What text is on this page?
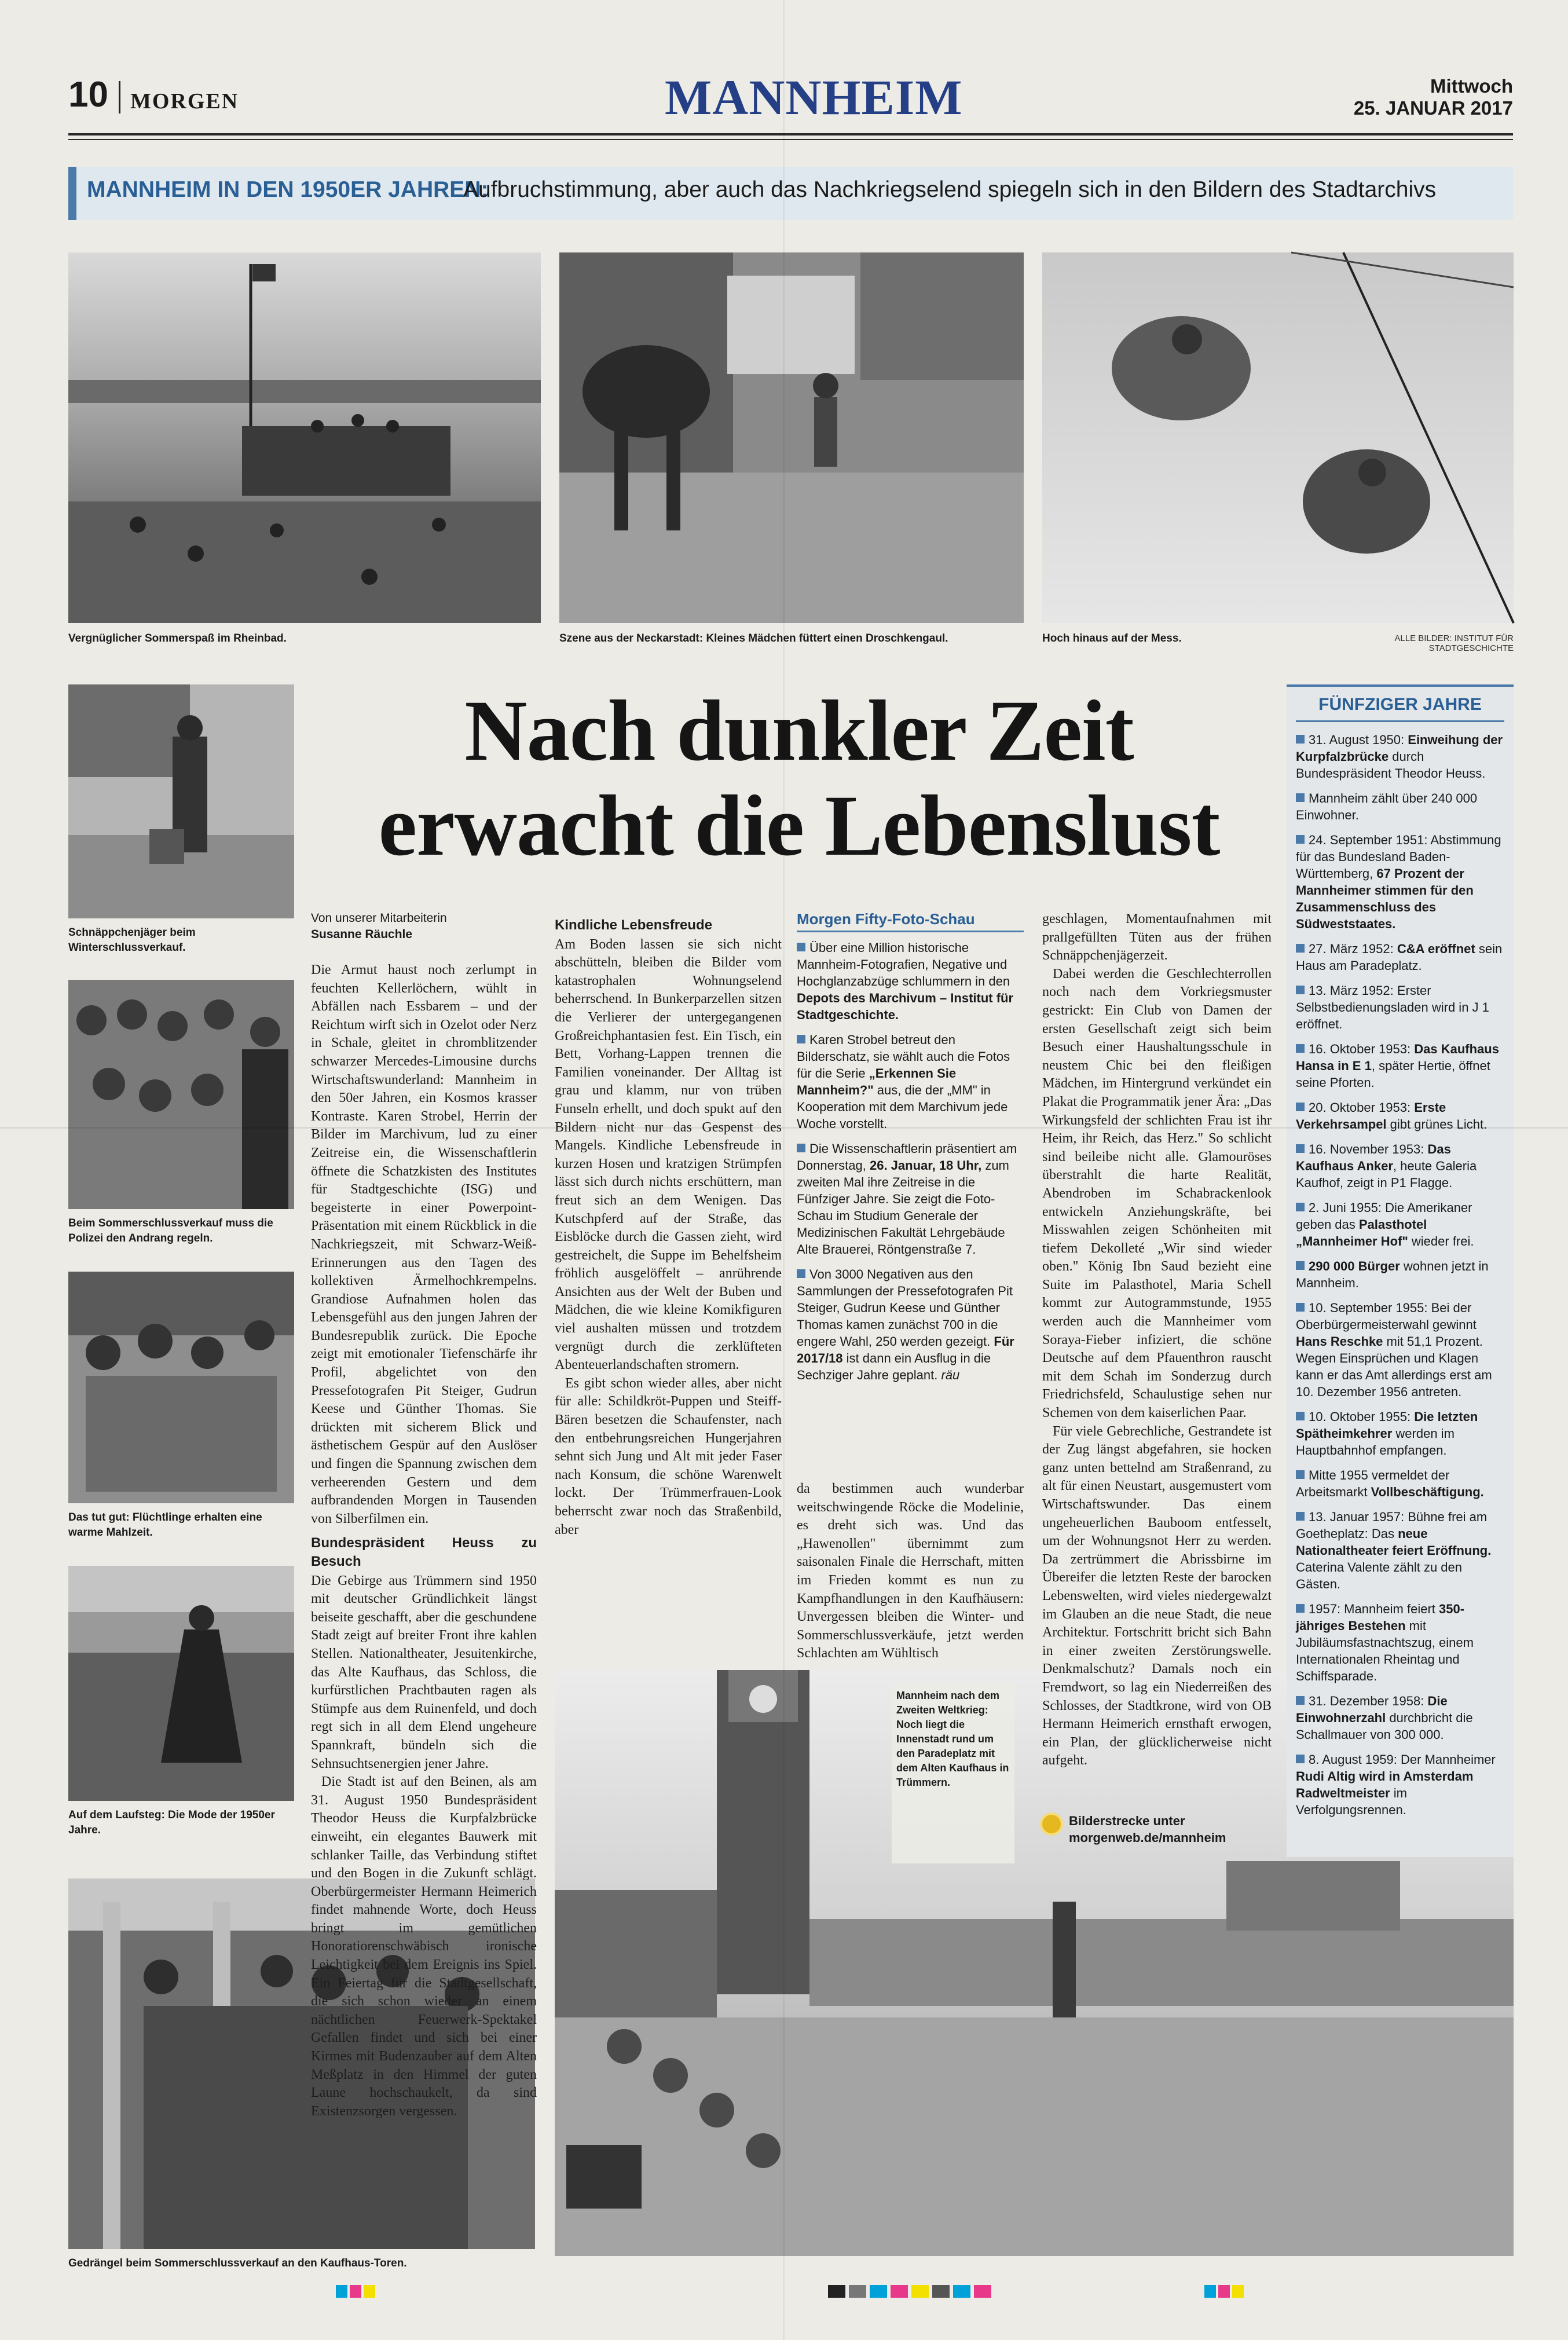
10 MORGEN	MANNHEIM	Mittwoch
25. JANUAR 2017
MANNHEIM IN DEN 1950ER JAHREN:
Aufbruchstimmung, aber auch das Nachkriegselend spiegeln sich in den Bildern des Stadtarchivs
Vergnüglicher Sommerspaß im Rheinbad.	Szene aus der Neckarstadt: Kleines Mädchen füttert einen Droschkengaul.	Hoch hinaus auf der Mess.	ALLE BILDER: INSTITUT FÜR STADTGESCHICHTE
Schnäppchenjäger beim Winterschlussverkauf.
Beim Sommerschlussverkauf muss die Polizei den Andrang regeln.
Das tut gut: Flüchtlinge erhalten eine warme Mahlzeit.
Auf dem Laufsteg: Die Mode der 1950er Jahre.
Gedrängel beim Sommerschlussverkauf an den Kaufhaus-Toren.
Mannheim nach dem Zweiten Weltkrieg: Noch liegt die Innenstadt rund um den Paradeplatz mit dem Alten Kaufhaus in Trümmern.
Nach dunkler Zeit
erwacht die Lebenslust
Von unserer Mitarbeiterin
Susanne Räuchle

Die Armut haust noch zerlumpt in feuchten Kellerlöchern, wühlt in Abfällen nach Essbarem – und der Reichtum wirft sich in Ozelot oder Nerz in Schale, gleitet in chromblitzender schwarzer Mercedes-Limousine durchs Wirtschaftswunderland: Mannheim in den 50er Jahren, ein Kosmos krasser Kontraste. Karen Strobel, Herrin der Bilder im Marchivum, lud zu einer Zeitreise ein, die Wissenschaftlerin öffnete die Schatzkisten des Institutes für Stadtgeschichte (ISG) und begeisterte in einer Powerpoint-Präsentation mit einem Rückblick in die Nachkriegszeit, mit Schwarz-Weiß-Erinnerungen aus den Tagen des kollektiven Ärmelhochkrempelns. Grandiose Aufnahmen holen das Lebensgefühl aus den jungen Jahren der Bundesrepublik zurück. Die Epoche zeigt mit emotionaler Tiefenschärfe ihr Profil, abgelichtet von den Pressefotografen Pit Steiger, Gudrun Keese und Günther Thomas. Sie drückten mit sicherem Blick und ästhetischem Gespür auf den Auslöser und fingen die Spannung zwischen dem verheerenden Gestern und dem aufbrandenden Morgen in Tausenden von Silberfilmen ein.

Bundespräsident Heuss zu Besuch

Die Gebirge aus Trümmern sind 1950 mit deutscher Gründlichkeit längst beiseite geschafft, aber die geschundene Stadt zeigt auf breiter Front ihre kahlen Stellen. Nationaltheater, Jesuitenkirche, das Alte Kaufhaus, das Schloss, die kurfürstlichen Prachtbauten ragen als Stümpfe aus dem Ruinenfeld, und doch regt sich in all dem Elend ungeheure Spannkraft, bündeln sich die Sehnsuchtsenergien jener Jahre.

Die Stadt ist auf den Beinen, als am 31. August 1950 Bundespräsident Theodor Heuss die Kurpfalzbrücke einweiht, ein elegantes Bauwerk mit schlanker Taille, das Verbindung stiftet und den Bogen in die Zukunft schlägt. Oberbürgermeister Hermann Heimerich findet mahnende Worte, doch Heuss bringt im gemütlichen Honoratiorenschwäbisch ironische Leichtigkeit bei dem Ereignis ins Spiel. Ein Feiertag für die Stadtgesellschaft, die sich schon wieder an einem nächtlichen Feuerwerk-Spektakel Gefallen findet und sich bei einer Kirmes mit Budenzauber auf dem Alten Meßplatz in den Himmel der guten Laune hochschaukelt, da sind Existenzsorgen vergessen.

Kindliche Lebensfreude

Am Boden lassen sie sich nicht abschütteln, bleiben die Bilder vom katastrophalen Wohnungselend beherrschend. In Bunkerparzellen sitzen die Verlierer der untergegangenen Großreichphantasien fest. Ein Tisch, ein Bett, Vorhang-Lappen trennen die Familien voneinander. Der Alltag ist grau und klamm, nur von trüben Funseln erhellt, und doch spukt auf den Bildern nicht nur das Gespenst des Mangels. Kindliche Lebensfreude in kurzen Hosen und kratzigen Strümpfen lässt sich durch nichts erschüttern, man freut sich an dem Wenigen. Das Kutschpferd auf der Straße, das Eisblöcke durch die Gassen zieht, wird gestreichelt, die Suppe im Behelfsheim fröhlich ausgelöffelt – anrührende Ansichten aus der Welt der Buben und Mädchen, die wie kleine Komikfiguren viel aushalten müssen und trotzdem vergnügt durch die zerklüfteten Abenteuerlandschaften stromern.

Es gibt schon wieder alles, aber nicht für alle: Schildkröt-Puppen und Steiff-Bären besetzen die Schaufenster, nach den entbehrungsreichen Hungerjahren sehnt sich Jung und Alt mit jeder Faser nach Konsum, die schöne Warenwelt lockt. Der Trümmerfrauen-Look beherrscht zwar noch das Straßenbild, aber

Morgen Fifty-Foto-Schau

Über eine Million historische Mannheim-Fotografien, Negative und Hochglanzabzüge schlummern in den Depots des Marchivum – Institut für Stadtgeschichte.

Karen Strobel betreut den Bilderschatz, sie wählt auch die Fotos für die Serie „Erkennen Sie Mannheim?" aus, die der „MM" in Kooperation mit dem Marchivum jede Woche vorstellt.

Die Wissenschaftlerin präsentiert am Donnerstag, 26. Januar, 18 Uhr, zum zweiten Mal ihre Zeitreise in die Fünfziger Jahre. Sie zeigt die Foto-Schau im Studium Generale der Medizinischen Fakultät Lehrgebäude Alte Brauerei, Röntgenstraße 7.

Von 3000 Negativen aus den Sammlungen der Pressefotografen Pit Steiger, Gudrun Keese und Günther Thomas kamen zunächst 700 in die engere Wahl, 250 werden gezeigt. Für 2017/18 ist dann ein Ausflug in die Sechziger Jahre geplant. räu

da bestimmen auch wunderbar weitschwingende Röcke die Modelinie, es dreht sich was. Und das „Hawenollen" übernimmt zum saisonalen Finale die Herrschaft, mitten im Frieden kommt es nun zu Kampfhandlungen in den Kaufhäusern: Unvergessen bleiben die Winter- und Sommerschlussverkäufe, jetzt werden Schlachten am Wühltisch

geschlagen, Momentaufnahmen mit prallgefüllten Tüten aus der frühen Schnäppchenjägerzeit.

Dabei werden die Geschlechterrollen noch nach dem Vorkriegsmuster gestrickt: Ein Club von Damen der ersten Gesellschaft zeigt sich beim Besuch einer Haushaltungsschule in neustem Chic bei den fleißigen Mädchen, im Hintergrund verkündet ein Plakat die Programmatik jener Ära: „Das Wirkungsfeld der schlichten Frau ist ihr Heim, ihr Reich, das Herz." So schlicht sind beileibe nicht alle. Glamouröses überstrahlt die harte Realität, Abendroben im Schabrackenlook entwickeln Anziehungskräfte, bei Misswahlen zeigen Schönheiten mit tiefem Dekolleté „Wir sind wieder oben." König Ibn Saud bezieht eine Suite im Palasthotel, Maria Schell kommt zur Autogrammstunde, 1955 werden auch die Mannheimer vom Soraya-Fieber infiziert, die schöne Deutsche auf dem Pfauenthron rauscht mit dem Schah im Sonderzug durch Friedrichsfeld, Schaulustige sehen nur Schemen von dem kaiserlichen Paar.

Für viele Gebrechliche, Gestrandete ist der Zug längst abgefahren, sie hocken ganz unten bettelnd am Straßenrand, zu alt für einen Neustart, ausgemustert vom Wirtschaftswunder. Das einem ungeheuerlichen Bauboom entfesselt, um der Wohnungsnot Herr zu werden. Da zertrümmert die Abrissbirne im Übereifer die letzten Reste der barocken Lebenswelten, wird vieles niedergewalzt im Glauben an die neue Stadt, die neue Architektur. Fortschritt bricht sich Bahn in einer zweiten Zerstörungswelle. Denkmalschutz? Damals noch ein Fremdwort, so lag ein Niederreißen des Schlosses, der Stadtkrone, wird von OB Hermann Heimerich ernsthaft erwogen, ein Plan, der glücklicherweise nicht aufgeht.

Bilderstrecke unter
morgenweb.de/mannheim
FÜNFZIGER JAHRE
31. August 1950: Einweihung der Kurpfalzbrücke durch Bundespräsident Theodor Heuss.
Mannheim zählt über 240 000 Einwohner.
24. September 1951: Abstimmung für das Bundesland Baden-Württemberg, 67 Prozent der Mannheimer stimmen für den Zusammenschluss des Südweststaates.
27. März 1952: C&A eröffnet sein Haus am Paradeplatz.
13. März 1952: Erster Selbstbedienungsladen wird in J 1 eröffnet.
16. Oktober 1953: Das Kaufhaus Hansa in E 1, später Hertie, öffnet seine Pforten.
20. Oktober 1953: Erste Verkehrsampel gibt grünes Licht.
16. November 1953: Das Kaufhaus Anker, heute Galeria Kaufhof, zeigt in P1 Flagge.
2. Juni 1955: Die Amerikaner geben das Palasthotel „Mannheimer Hof" wieder frei.
290 000 Bürger wohnen jetzt in Mannheim.
10. September 1955: Bei der Oberbürgermeisterwahl gewinnt Hans Reschke mit 51,1 Prozent. Wegen Einsprüchen und Klagen kann er das Amt allerdings erst am 10. Dezember 1956 antreten.
10. Oktober 1955: Die letzten Spätheimkehrer werden im Hauptbahnhof empfangen.
Mitte 1955 vermeldet der Arbeitsmarkt Vollbeschäftigung.
13. Januar 1957: Bühne frei am Goetheplatz: Das neue Nationaltheater feiert Eröffnung. Caterina Valente zählt zu den Gästen.
1957: Mannheim feiert 350-jähriges Bestehen mit Jubiläumsfastnachtszug, einem Internationalen Rheintag und Schiffsparade.
31. Dezember 1958: Die Einwohnerzahl durchbricht die Schallmauer von 300 000.
8. August 1959: Der Mannheimer Rudi Altig wird in Amsterdam Radweltmeister im Verfolgungsrennen.
